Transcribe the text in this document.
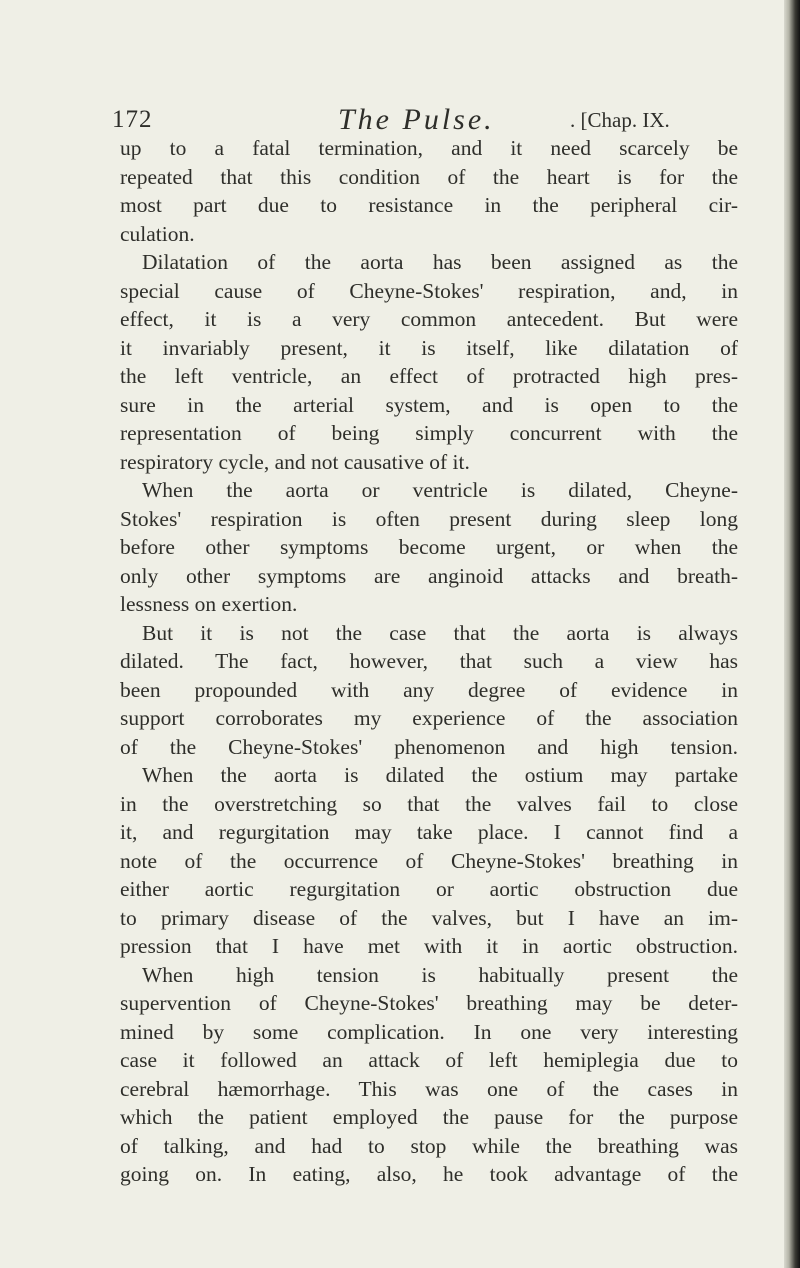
172	The Pulse.	. [Chap. IX.
up to a fatal termination, and it need scarcely be
repeated that this condition of the heart is for the
most part due to resistance in the peripheral cir-
culation.
Dilatation of the aorta has been assigned as the
special cause of Cheyne-Stokes' respiration, and, in
effect, it is a very common antecedent. But were
it invariably present, it is itself, like dilatation of
the left ventricle, an effect of protracted high pres-
sure in the arterial system, and is open to the
representation of being simply concurrent with the
respiratory cycle, and not causative of it.
When the aorta or ventricle is dilated, Cheyne-
Stokes' respiration is often present during sleep long
before other symptoms become urgent, or when the
only other symptoms are anginoid attacks and breath-
lessness on exertion.
But it is not the case that the aorta is always
dilated. The fact, however, that such a view has
been propounded with any degree of evidence in
support corroborates my experience of the association
of the Cheyne-Stokes' phenomenon and high tension.
When the aorta is dilated the ostium may partake
in the overstretching so that the valves fail to close
it, and regurgitation may take place. I cannot find a
note of the occurrence of Cheyne-Stokes' breathing in
either aortic regurgitation or aortic obstruction due
to primary disease of the valves, but I have an im-
pression that I have met with it in aortic obstruction.
When high tension is habitually present the
supervention of Cheyne-Stokes' breathing may be deter-
mined by some complication. In one very interesting
case it followed an attack of left hemiplegia due to
cerebral hæmorrhage. This was one of the cases in
which the patient employed the pause for the purpose
of talking, and had to stop while the breathing was
going on. In eating, also, he took advantage of the
